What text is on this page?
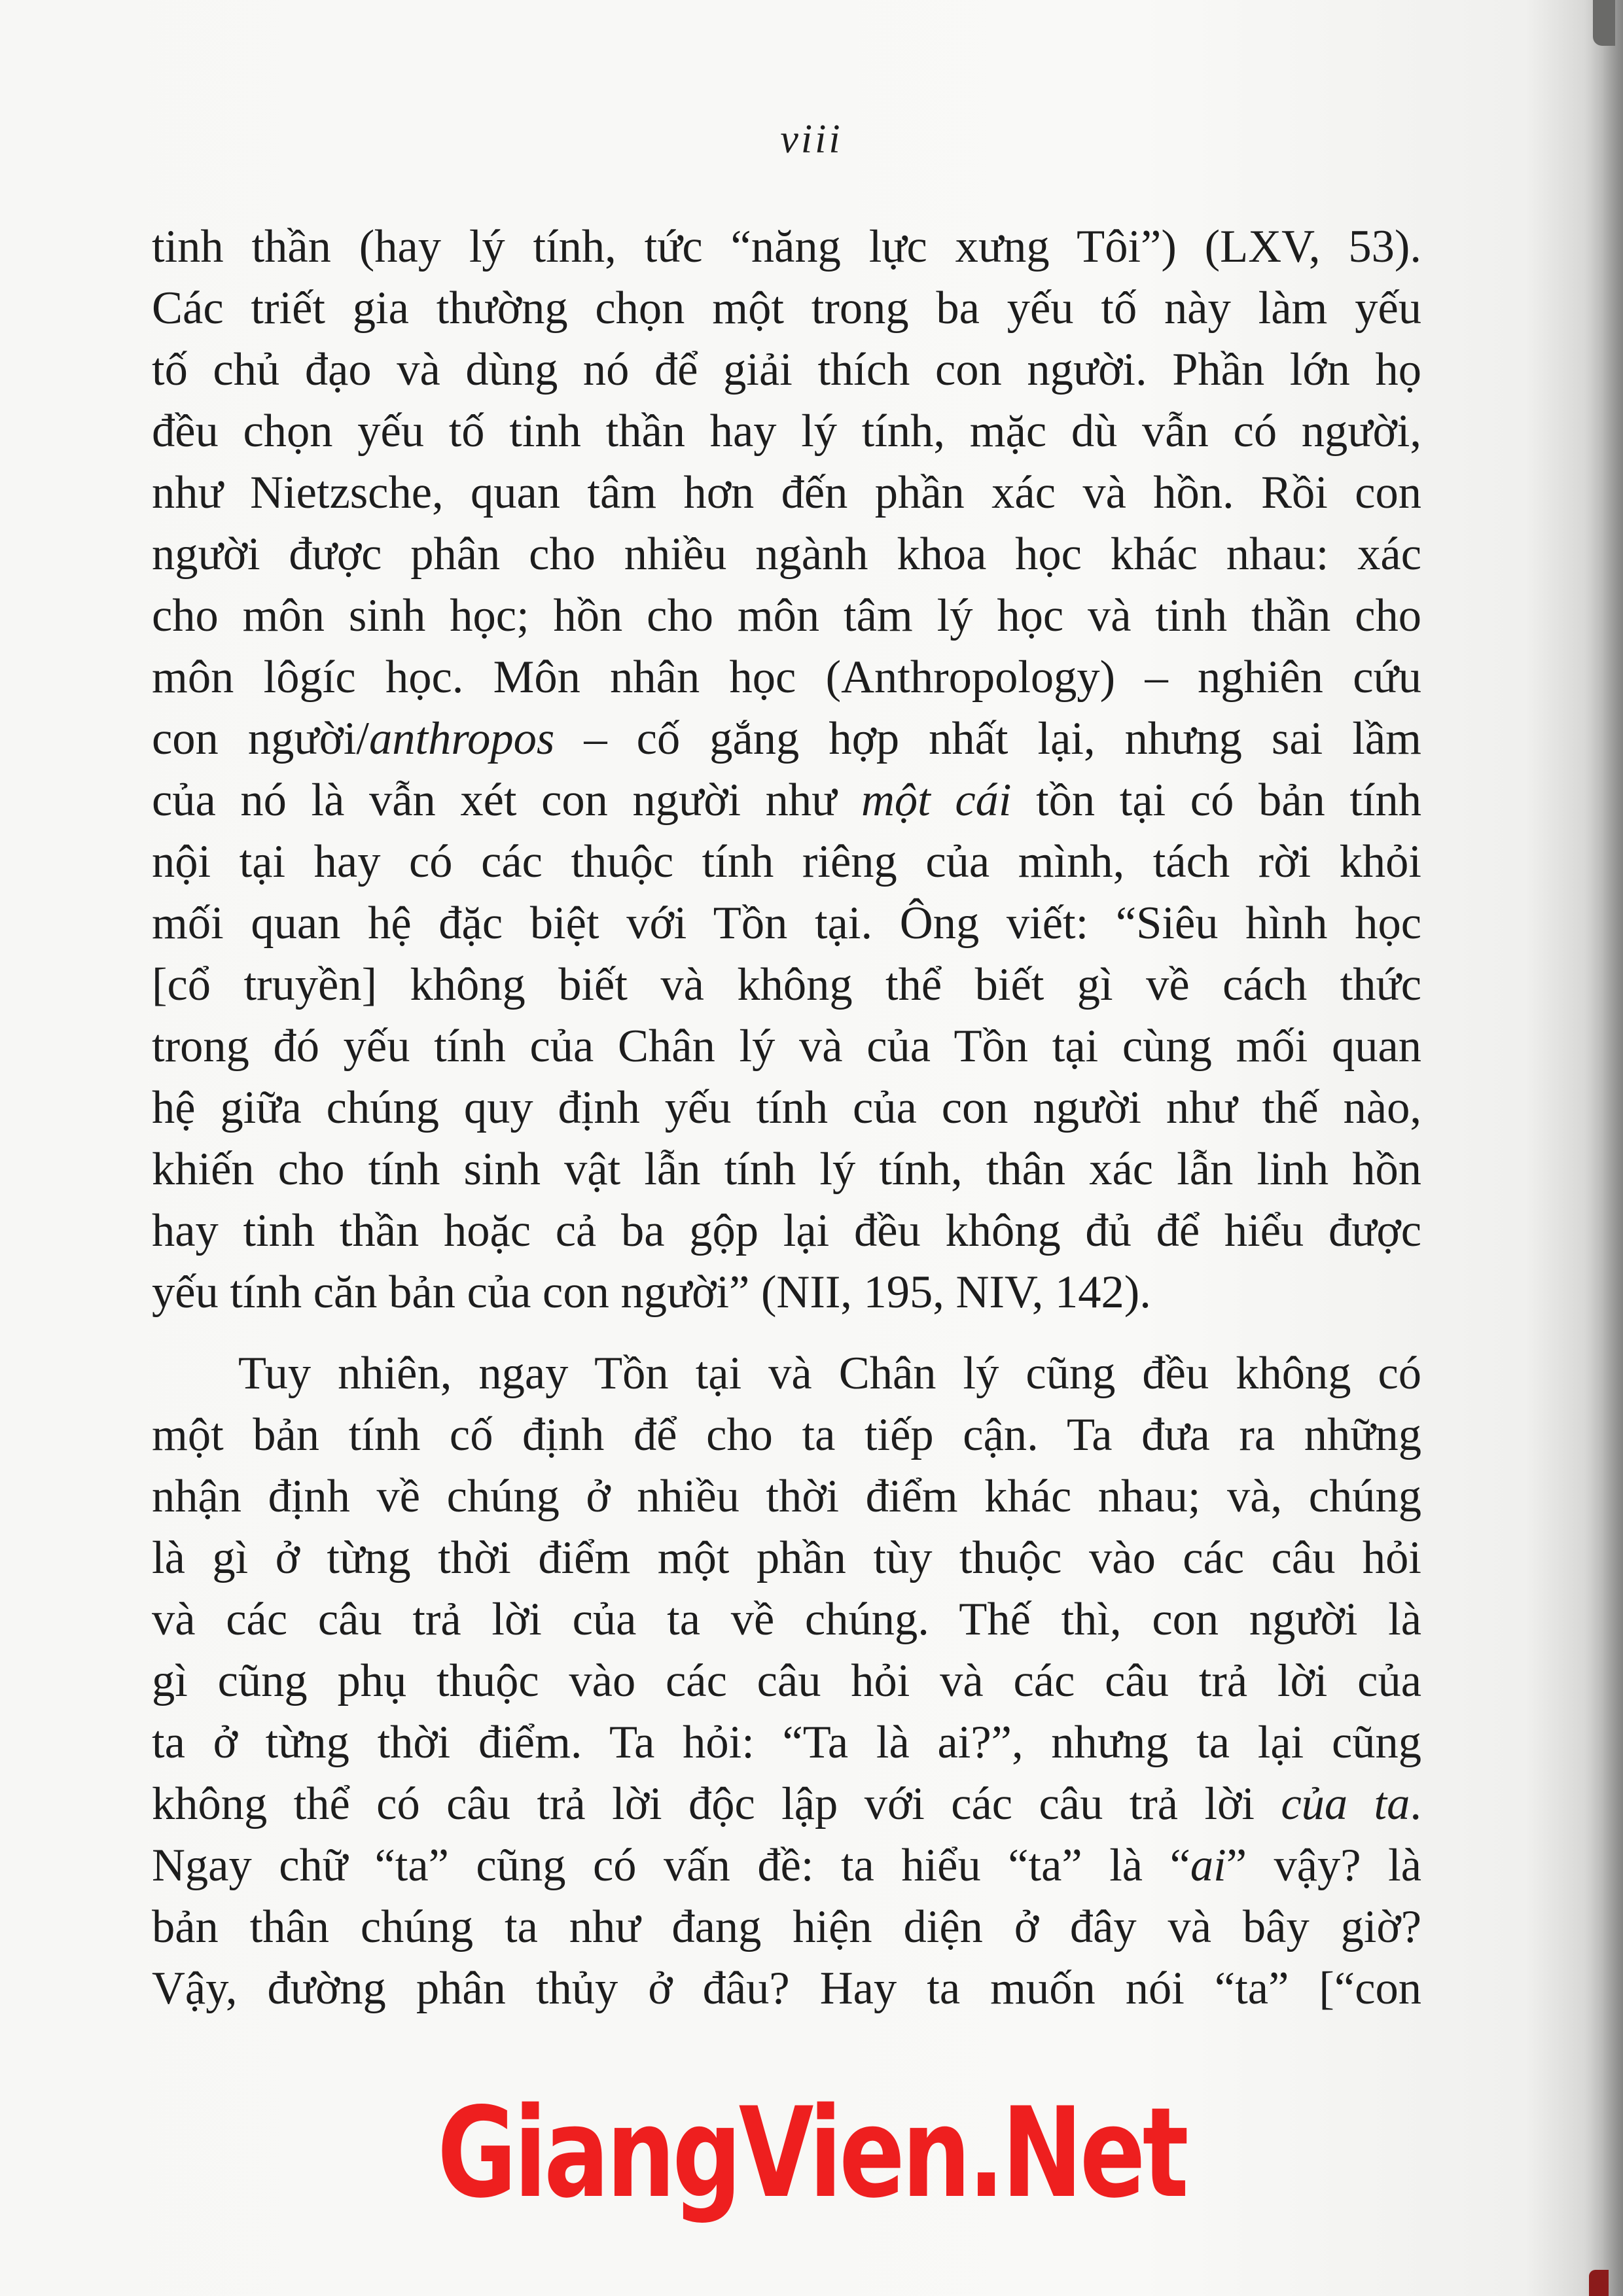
viii
tinh thần (hay lý tính, tức “năng lực xưng Tôi”) (LXV, 53).
Các triết gia thường chọn một trong ba yếu tố này làm yếu
tố chủ đạo và dùng nó để giải thích con người. Phần lớn họ
đều chọn yếu tố tinh thần hay lý tính, mặc dù vẫn có người,
như Nietzsche, quan tâm hơn đến phần xác và hồn. Rồi con
người được phân cho nhiều ngành khoa học khác nhau: xác
cho môn sinh học; hồn cho môn tâm lý học và tinh thần cho
môn lôgíc học. Môn nhân học (Anthropology) – nghiên cứu
con người/anthropos – cố gắng hợp nhất lại, nhưng sai lầm
của nó là vẫn xét con người như một cái tồn tại có bản tính
nội tại hay có các thuộc tính riêng của mình, tách rời khỏi
mối quan hệ đặc biệt với Tồn tại. Ông viết: “Siêu hình học
[cổ truyền] không biết và không thể biết gì về cách thức
trong đó yếu tính của Chân lý và của Tồn tại cùng mối quan
hệ giữa chúng quy định yếu tính của con người như thế nào,
khiến cho tính sinh vật lẫn tính lý tính, thân xác lẫn linh hồn
hay tinh thần hoặc cả ba gộp lại đều không đủ để hiểu được
yếu tính căn bản của con người” (NII, 195, NIV, 142).
Tuy nhiên, ngay Tồn tại và Chân lý cũng đều không có
một bản tính cố định để cho ta tiếp cận. Ta đưa ra những
nhận định về chúng ở nhiều thời điểm khác nhau; và, chúng
là gì ở từng thời điểm một phần tùy thuộc vào các câu hỏi
và các câu trả lời của ta về chúng. Thế thì, con người là
gì cũng phụ thuộc vào các câu hỏi và các câu trả lời của
ta ở từng thời điểm. Ta hỏi: “Ta là ai?”, nhưng ta lại cũng
không thể có câu trả lời độc lập với các câu trả lời của ta.
Ngay chữ “ta” cũng có vấn đề: ta hiểu “ta” là “ai” vậy? là
bản thân chúng ta như đang hiện diện ở đây và bây giờ?
Vậy, đường phân thủy ở đâu? Hay ta muốn nói “ta” [“con
GiangVien.Net
